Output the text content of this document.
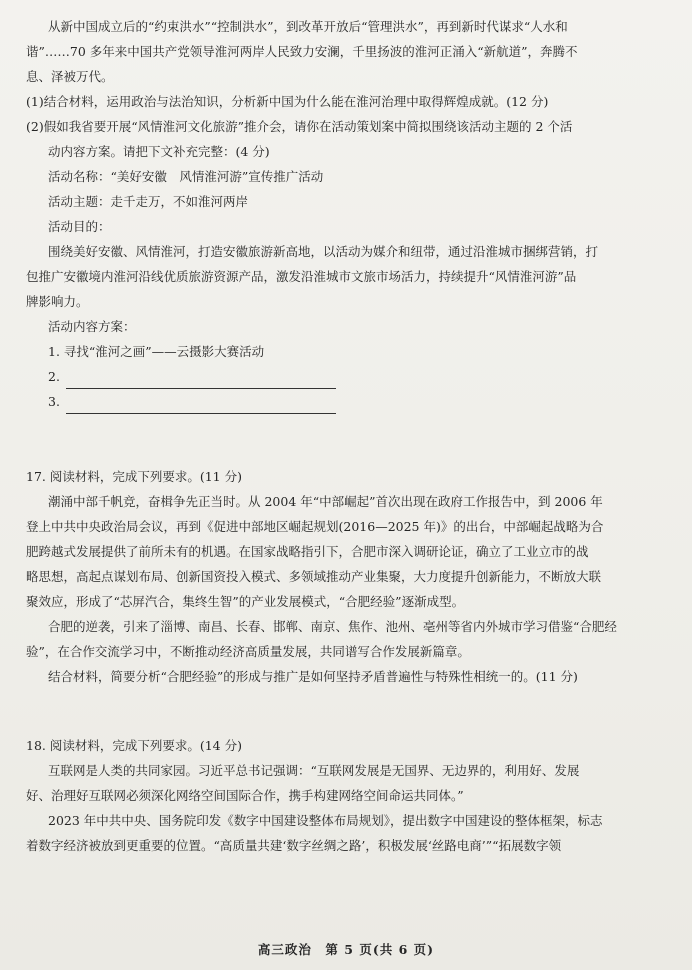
从新中国成立后的“约束洪水”“控制洪水”，到改革开放后“管理洪水”，再到新时代谋求“人水和

谐”……70 多年来中国共产党领导淮河两岸人民致力安澜，千里扬波的淮河正涌入“新航道”，奔腾不

息、泽被万代。

(1)结合材料，运用政治与法治知识，分析新中国为什么能在淮河治理中取得辉煌成就。(12 分)

(2)假如我省要开展“风情淮河文化旅游”推介会，请你在活动策划案中简拟围绕该活动主题的 2 个活

动内容方案。请把下文补充完整：(4 分)

活动名称：“美好安徽　风情淮河游”宣传推广活动

活动主题：走千走万，不如淮河两岸

活动目的：

围绕美好安徽、风情淮河，打造安徽旅游新高地，以活动为媒介和纽带，通过沿淮城市捆绑营销，打

包推广安徽境内淮河沿线优质旅游资源产品，激发沿淮城市文旅市场活力，持续提升“风情淮河游”品

牌影响力。

活动内容方案：

1. 寻找“淮河之画”——云摄影大赛活动

2.
3.

17. 阅读材料，完成下列要求。(11 分)

潮涌中部千帆竞，奋楫争先正当时。从 2004 年“中部崛起”首次出现在政府工作报告中，到 2006 年

登上中共中央政治局会议，再到《促进中部地区崛起规划(2016—2025 年)》的出台，中部崛起战略为合

肥跨越式发展提供了前所未有的机遇。在国家战略指引下，合肥市深入调研论证，确立了工业立市的战

略思想，高起点谋划布局、创新国资投入模式、多领域推动产业集聚，大力度提升创新能力，不断放大联

聚效应，形成了“芯屏汽合，集终生智”的产业发展模式，“合肥经验”逐渐成型。

合肥的逆袭，引来了淄博、南昌、长春、邯郸、南京、焦作、池州、亳州等省内外城市学习借鉴“合肥经

验”，在合作交流学习中，不断推动经济高质量发展，共同谱写合作发展新篇章。

结合材料，简要分析“合肥经验”的形成与推广是如何坚持矛盾普遍性与特殊性相统一的。(11 分)

18. 阅读材料，完成下列要求。(14 分)

互联网是人类的共同家园。习近平总书记强调：“互联网发展是无国界、无边界的，利用好、发展

好、治理好互联网必须深化网络空间国际合作，携手构建网络空间命运共同体。”

2023 年中共中央、国务院印发《数字中国建设整体布局规划》，提出数字中国建设的整体框架，标志

着数字经济被放到更重要的位置。“高质量共建‘数字丝绸之路’，积极发展‘丝路电商’”“拓展数字领

高三政治　第 5 页(共 6 页)
